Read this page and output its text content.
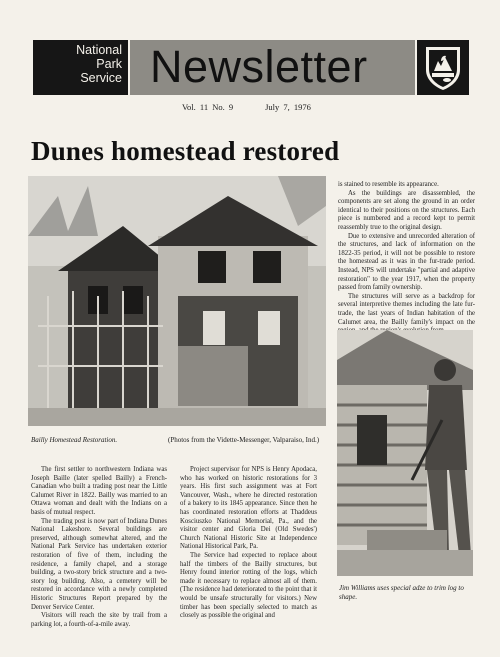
National
Park
Service Newsletter
Vol. 11 No. 9	July 7, 1976
Dunes homestead restored
Bailly Homestead Restoration.	(Photos from the Vidette-Messenger, Valparaiso, Ind.)

The first settler to northwestern Indiana was Joseph Baille (later spelled Bailly) a French-Canadian who built a trading post near the Little Calumet River in 1822. Bailly was married to an Ottawa woman and dealt with the Indians on a basis of mutual respect.

The trading post is now part of Indiana Dunes National Lakeshore. Several buildings are preserved, although somewhat altered, and the National Park Service has undertaken exterior restoration of five of them, including the residence, a family chapel, and a storage building, a two-story brick structure and a two-story log building. Also, a cemetery will be restored in accordance with a newly completed Historic Structures Report prepared by the Denver Service Center.

Visitors will reach the site by trail from a parking lot, a fourth-of-a-mile away.

Project supervisor for NPS is Henry Apodaca, who has worked on historic restorations for 3 years. His first such assignment was at Fort Vancouver, Wash., where he directed restoration of a bakery to its 1845 appearance. Since then he has coordinated restoration efforts at Thaddeus Kosciuszko National Memorial, Pa., and the visitor center and Gloria Dei (Old Swedes') Church National Historic Site at Independence National Historical Park, Pa.

The Service had expected to replace about half the timbers of the Bailly structures, but Henry found interior rotting of the logs, which made it necessary to replace almost all of them. (The residence had deteriorated to the point that it would be unsafe structurally for visitors.) New timber has been specially selected to match as closely as possible the original and

is stained to resemble its appearance.

As the buildings are disassembled, the components are set along the ground in an order identical to their positions on the structures. Each piece is numbered and a record kept to permit reassembly true to the original design.

Due to extensive and unrecorded alteration of the structures, and lack of information on the 1822-35 period, it will not be possible to restore the homestead as it was in the fur-trade period. Instead, NPS will undertake "partial and adaptive restoration" to the year 1917, when the property passed from family ownership.

The structures will serve as a backdrop for several interpretive themes including the late fur-trade, the last years of Indian habitation of the Calumet area, the Bailly family's impact on the

Jim Williams uses special adze to trim log to shape.
